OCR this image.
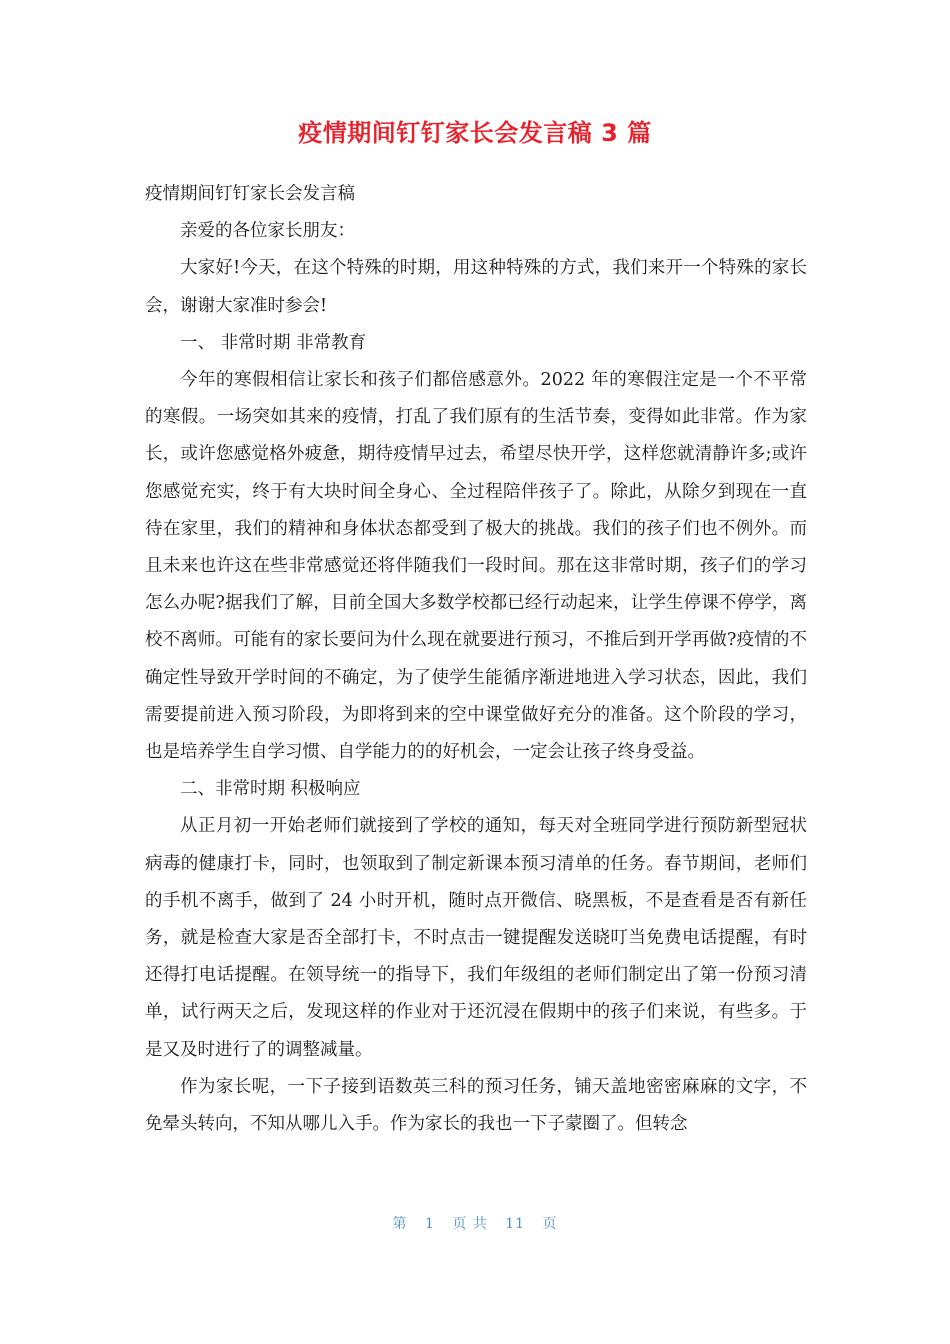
疫情期间钉钉家长会发言稿 3 篇

疫情期间钉钉家长会发言稿

亲爱的各位家长朋友：

大家好!今天，在这个特殊的时期，用这种特殊的方式，我们来开一个特殊的家长会，谢谢大家准时参会!

一、 非常时期 非常教育

今年的寒假相信让家长和孩子们都倍感意外。2022 年的寒假注定是一个不平常的寒假。一场突如其来的疫情，打乱了我们原有的生活节奏，变得如此非常。作为家长，或许您感觉格外疲惫，期待疫情早过去，希望尽快开学，这样您就清静许多;或许您感觉充实，终于有大块时间全身心、全过程陪伴孩子了。除此，从除夕到现在一直待在家里，我们的精神和身体状态都受到了极大的挑战。我们的孩子们也不例外。而且未来也许这在些非常感觉还将伴随我们一段时间。那在这非常时期，孩子们的学习怎么办呢?据我们了解，目前全国大多数学校都已经行动起来，让学生停课不停学，离校不离师。可能有的家长要问为什么现在就要进行预习，不推后到开学再做?疫情的不确定性导致开学时间的不确定，为了使学生能循序渐进地进入学习状态，因此，我们需要提前进入预习阶段，为即将到来的空中课堂做好充分的准备。这个阶段的学习，也是培养学生自学习惯、自学能力的的好机会，一定会让孩子终身受益。

二、非常时期 积极响应

从正月初一开始老师们就接到了学校的通知，每天对全班同学进行预防新型冠状病毒的健康打卡，同时，也领取到了制定新课本预习清单的任务。春节期间，老师们的手机不离手，做到了 24 小时开机，随时点开微信、晓黑板，不是查看是否有新任务，就是检查大家是否全部打卡，不时点击一键提醒发送晓叮当免费电话提醒，有时还得打电话提醒。在领导统一的指导下，我们年级组的老师们制定出了第一份预习清单，试行两天之后，发现这样的作业对于还沉浸在假期中的孩子们来说，有些多。于是又及时进行了的调整减量。

作为家长呢，一下子接到语数英三科的预习任务，铺天盖地密密麻麻的文字，不免晕头转向，不知从哪儿入手。作为家长的我也一下子蒙圈了。但转念

第 1 页 共 11 页
